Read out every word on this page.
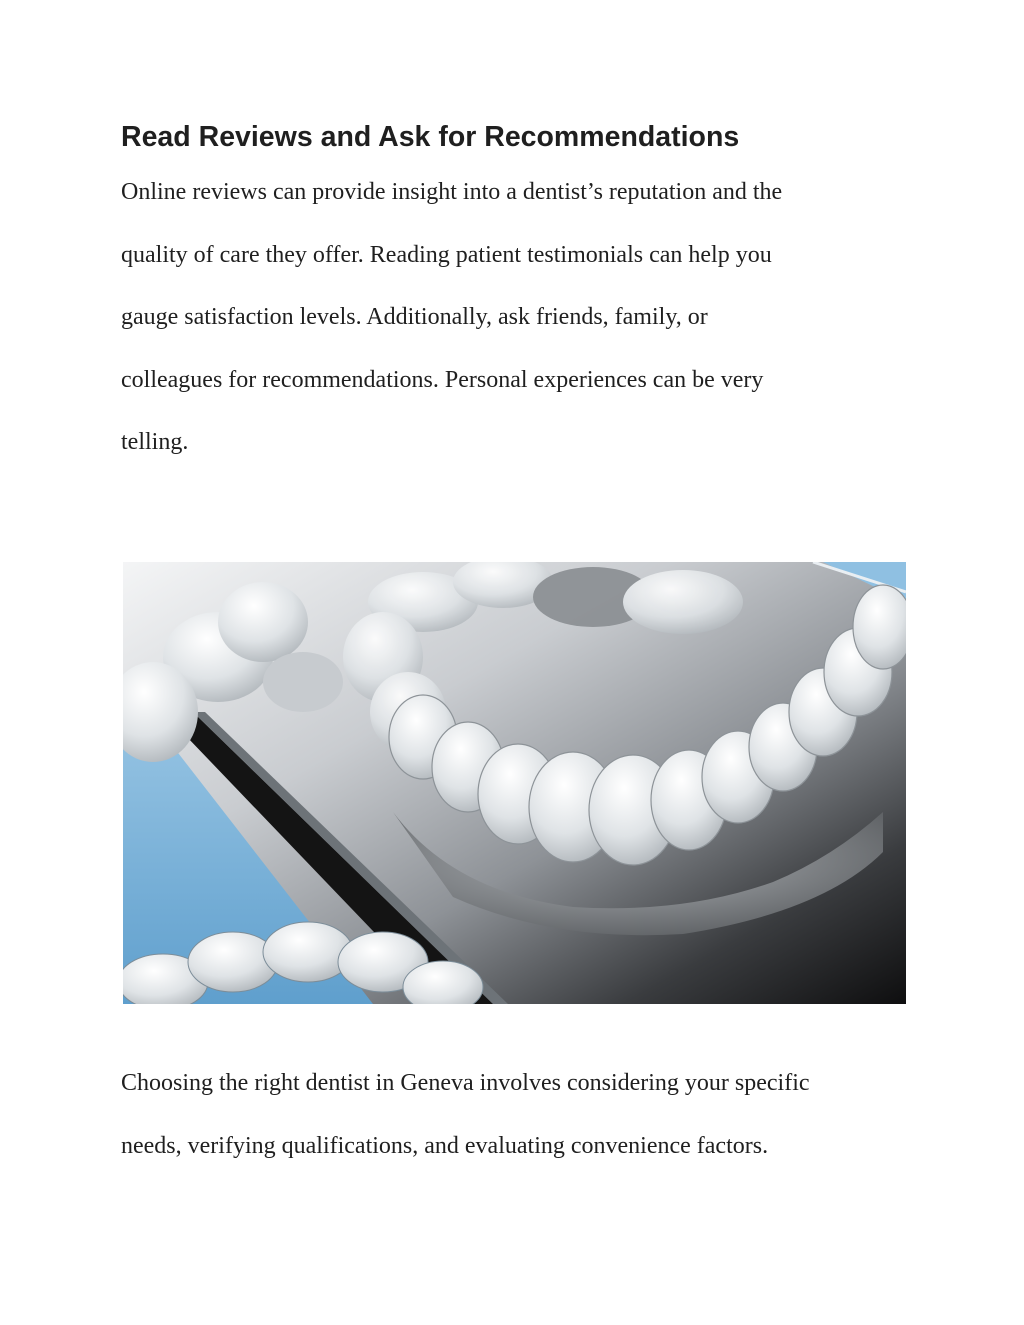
Read Reviews and Ask for Recommendations

Online reviews can provide insight into a dentist’s reputation and the
quality of care they offer. Reading patient testimonials can help you
gauge satisfaction levels. Additionally, ask friends, family, or
colleagues for recommendations. Personal experiences can be very
telling.

Choosing the right dentist in Geneva involves considering your specific
needs, verifying qualifications, and evaluating convenience factors.
